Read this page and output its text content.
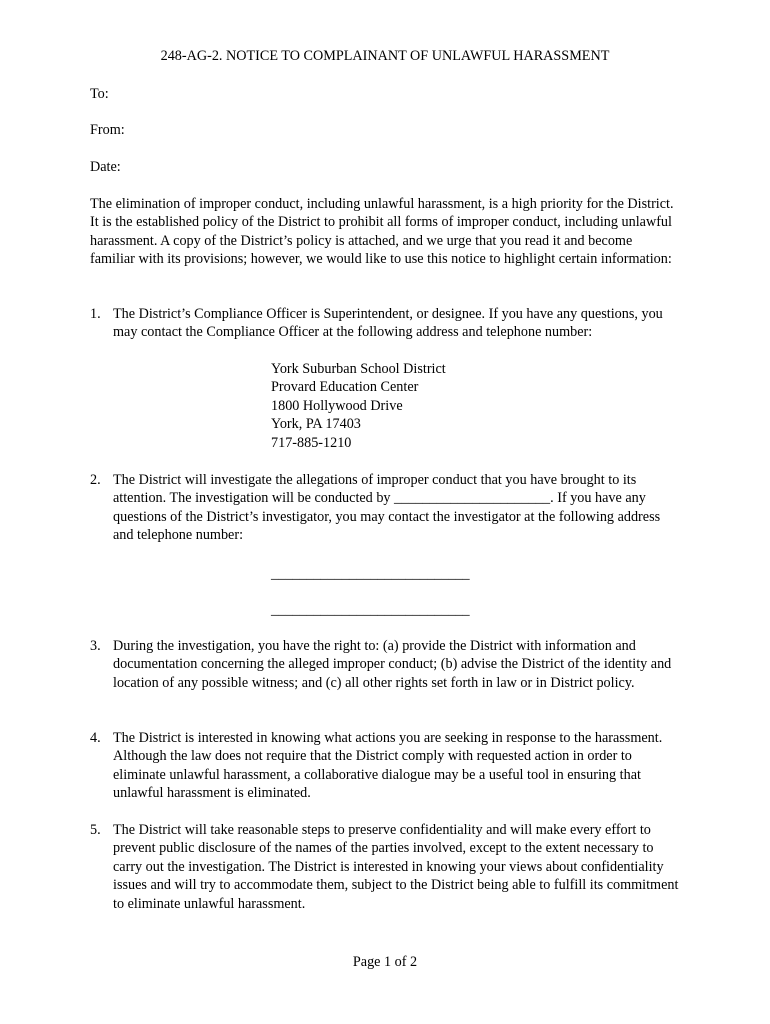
248-AG-2. NOTICE TO COMPLAINANT OF UNLAWFUL HARASSMENT
To:
From:
Date:
The elimination of improper conduct, including unlawful harassment, is a high priority for the District. It is the established policy of the District to prohibit all forms of improper conduct, including unlawful harassment. A copy of the District’s policy is attached, and we urge that you read it and become familiar with its provisions; however, we would like to use this notice to highlight certain information:
1. The District’s Compliance Officer is Superintendent, or designee. If you have any questions, you may contact the Compliance Officer at the following address and telephone number:
York Suburban School District
Provard Education Center
1800 Hollywood Drive
York, PA 17403
717-885-1210
2. The District will investigate the allegations of improper conduct that you have brought to its attention. The investigation will be conducted by ______________________. If you have any questions of the District’s investigator, you may contact the investigator at the following address and telephone number:
____________________________
____________________________
3. During the investigation, you have the right to: (a) provide the District with information and documentation concerning the alleged improper conduct; (b) advise the District of the identity and location of any possible witness; and (c) all other rights set forth in law or in District policy.
4. The District is interested in knowing what actions you are seeking in response to the harassment. Although the law does not require that the District comply with requested action in order to eliminate unlawful harassment, a collaborative dialogue may be a useful tool in ensuring that unlawful harassment is eliminated.
5. The District will take reasonable steps to preserve confidentiality and will make every effort to prevent public disclosure of the names of the parties involved, except to the extent necessary to carry out the investigation. The District is interested in knowing your views about confidentiality issues and will try to accommodate them, subject to the District being able to fulfill its commitment to eliminate unlawful harassment.
Page 1 of 2
